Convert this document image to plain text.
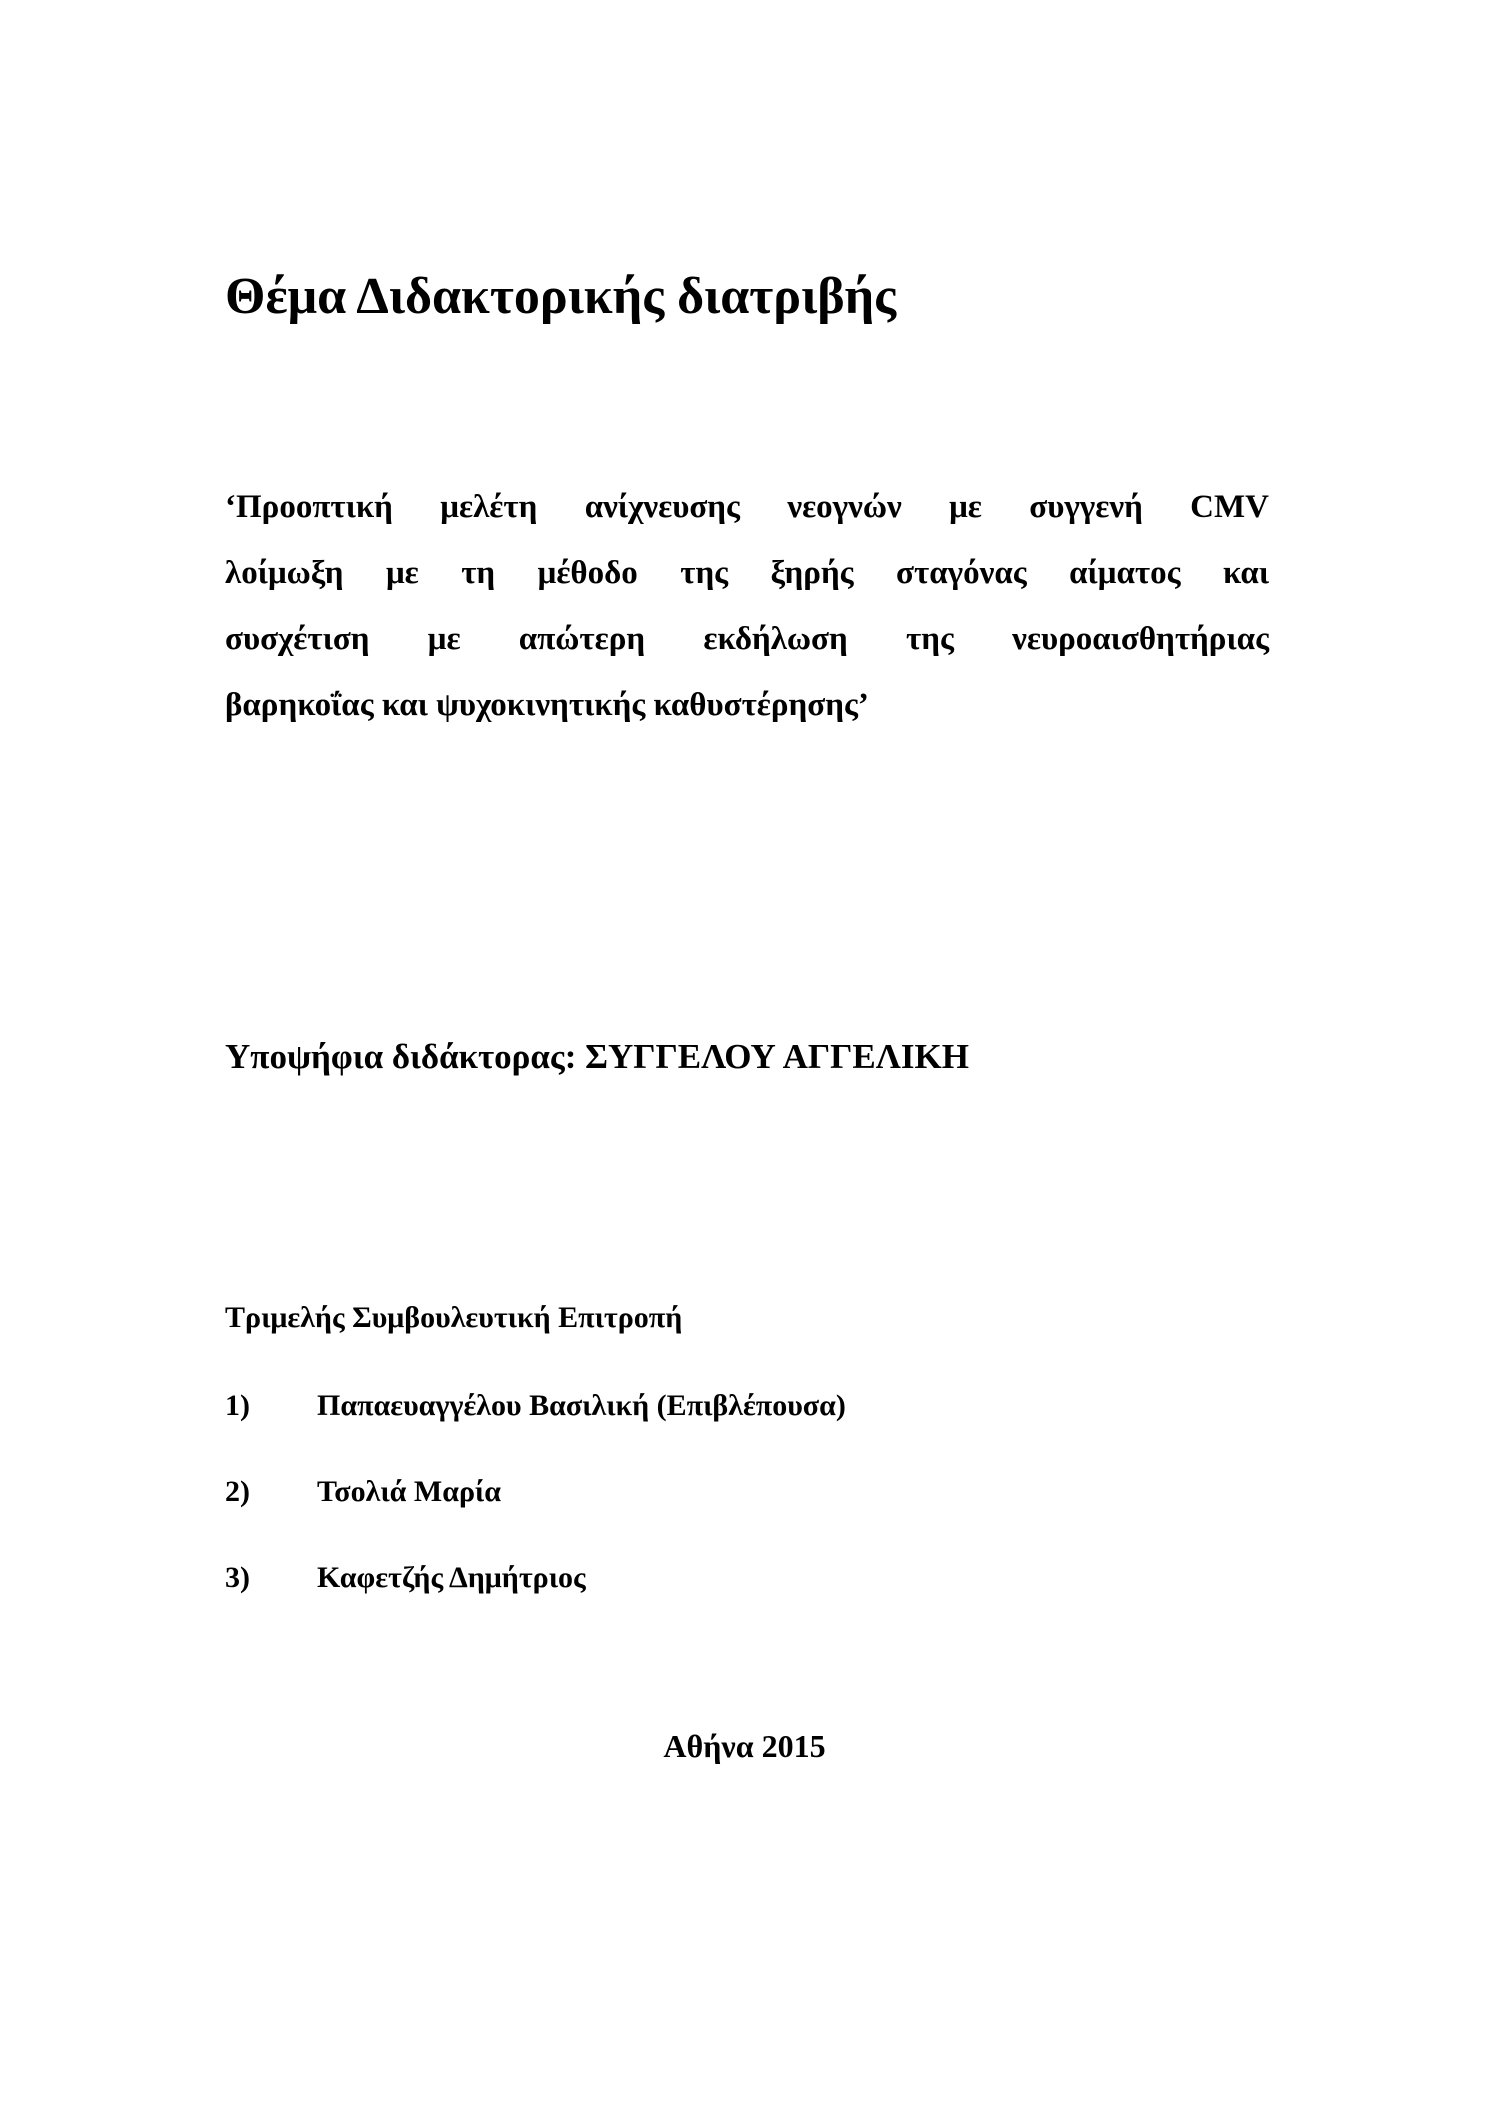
Θέμα Διδακτορικής διατριβής
‘Προοπτική μελέτη ανίχνευσης νεογνών με συγγενή CMV
λοίμωξη με τη μέθοδο της ξηρής σταγόνας αίματος και
συσχέτιση με απώτερη εκδήλωση της νευροαισθητήριας
βαρηκοΐας και ψυχοκινητικής καθυστέρησης’
Υποψήφια διδάκτορας: ΣΥΓΓΕΛΟΥ ΑΓΓΕΛΙΚΗ
Τριμελής Συμβουλευτική Επιτροπή
1) Παπαευαγγέλου Βασιλική (Επιβλέπουσα)
2) Τσολιά Μαρία
3) Καφετζής Δημήτριος
Αθήνα 2015
